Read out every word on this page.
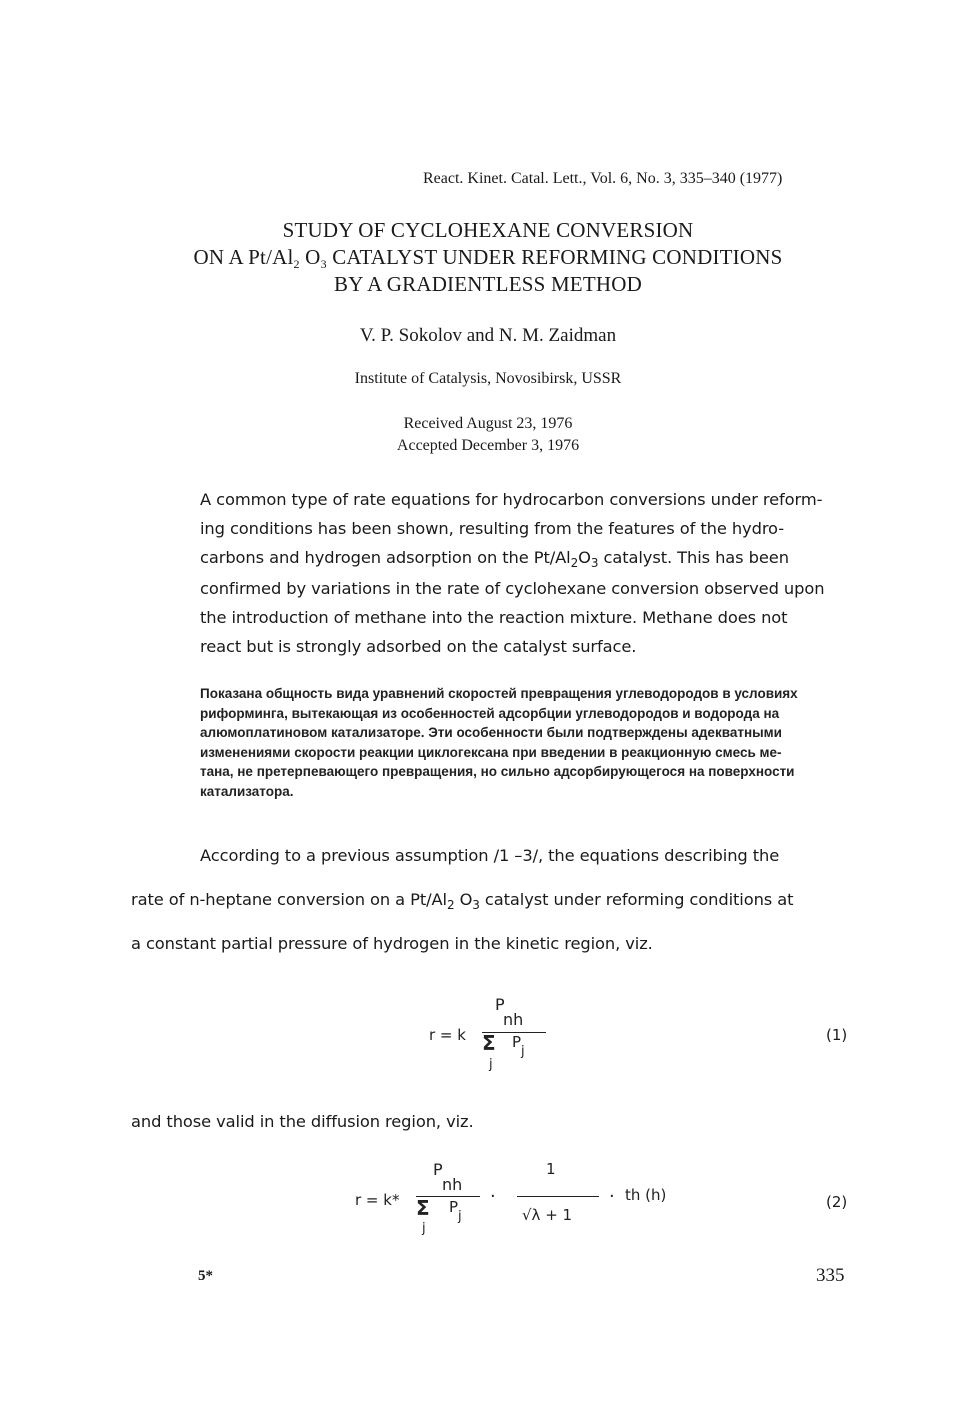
React. Kinet. Catal. Lett., Vol. 6, No. 3, 335–340 (1977)
STUDY OF CYCLOHEXANE CONVERSION
ON A Pt/Al2 O3 CATALYST UNDER REFORMING CONDITIONS
BY A GRADIENTLESS METHOD
V. P. Sokolov and N. M. Zaidman
Institute of Catalysis, Novosibirsk, USSR
Received August 23, 1976
Accepted December 3, 1976
A common type of rate equations for hydrocarbon conversions under reform-
ing conditions has been shown, resulting from the features of the hydro-
carbons and hydrogen adsorption on the $Pt/Al_2O_3$ catalyst. This has been
confirmed by variations in the rate of cyclohexane conversion observed upon
the introduction of methane into the reaction mixture. Methane does not
react but is strongly adsorbed on the catalyst surface.
Показана общность вида уравнений скоростей превращения углеводородов в условиях
риформинга, вытекающая из особенностей адсорбции углеводородов и водорода на
алюмоплатиновом катализаторе. Эти особенности были подтверждены адекватными
изменениями скорости реакции циклогексана при введении в реакционную смесь ме-
тана, не претерпевающего превращения, но сильно адсорбирующегося на поверхности
катализатора.
According to a previous assumption /1 –3/, the equations describing the
rate of n-heptane conversion on a $Pt/Al_2$ $O_3$ catalyst under reforming conditions at
a constant partial pressure of hydrogen in the kinetic region, viz.
r = k
P
nh
Σ P
j
j
(1)
and those valid in the diffusion region, viz.
r = k*
P
nh
Σ P
j
j
·
1
√λ + 1
· th (h)	(2)
5*	335
